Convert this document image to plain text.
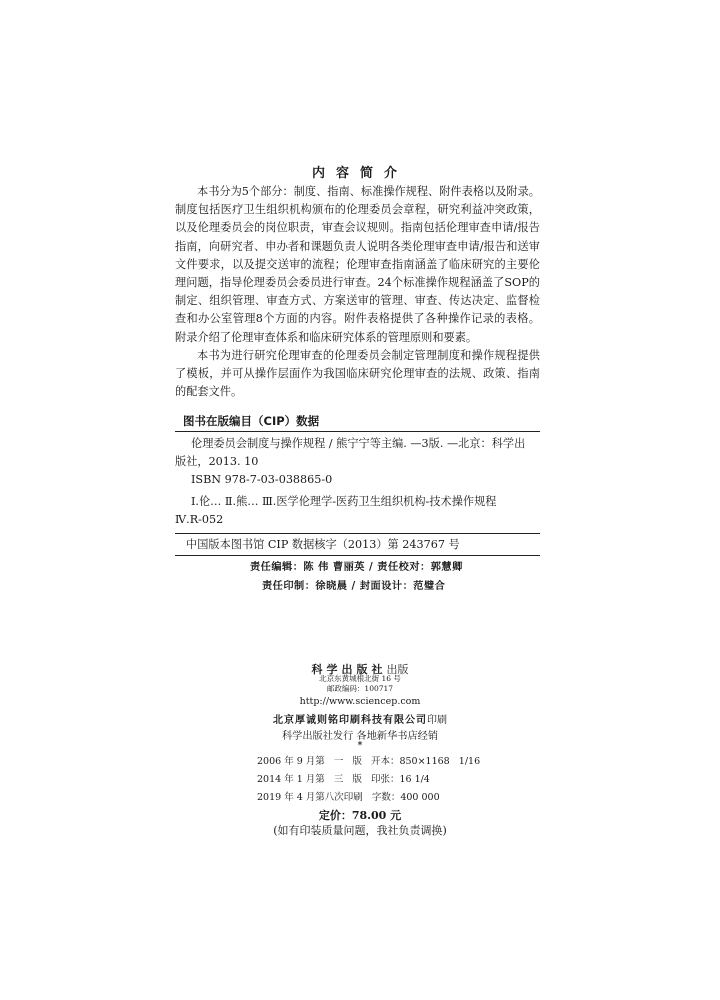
内容简介

本书分为5个部分：制度、指南、标准操作规程、附件表格以及附录。制度包括医疗卫生组织机构颁布的伦理委员会章程，研究利益冲突政策，以及伦理委员会的岗位职责，审查会议规则。指南包括伦理审查申请/报告指南，向研究者、申办者和课题负责人说明各类伦理审查申请/报告和送审文件要求，以及提交送审的流程；伦理审查指南涵盖了临床研究的主要伦理问题，指导伦理委员会委员进行审查。24个标准操作规程涵盖了SOP的制定、组织管理、审查方式、方案送审的管理、审查、传达决定、监督检查和办公室管理8个方面的内容。附件表格提供了各种操作记录的表格。附录介绍了伦理审查体系和临床研究体系的管理原则和要素。

本书为进行研究伦理审查的伦理委员会制定管理制度和操作规程提供了模板，并可从操作层面作为我国临床研究伦理审查的法规、政策、指南的配套文件。

图书在版编目（CIP）数据
伦理委员会制度与操作规程 / 熊宁宁等主编. —3版. —北京：科学出
版社，2013. 10
ISBN 978-7-03-038865-0
Ⅰ.伦… Ⅱ.熊… Ⅲ.医学伦理学-医药卫生组织机构-技术操作规程
Ⅳ.R-052
中国版本图书馆 CIP 数据核字（2013）第 243767 号
责任编辑：陈 伟 曹丽英 / 责任校对：郭慧卿
责任印制：徐晓晨 / 封面设计：范璧合
科学出版社出版
北京东黄城根北街 16 号
邮政编码：100717
http://www.sciencep.com
北京厚诚则铭印刷科技有限公司印刷
科学出版社发行 各地新华书店经销
*
2006 年 9 月第   一   版   开本：850×1168   1/16
2014 年 1 月第   三   版   印张：16 1/4
2019 年 4 月第八次印刷   字数：400 000
定价：78.00 元
(如有印装质量问题，我社负责调换)
